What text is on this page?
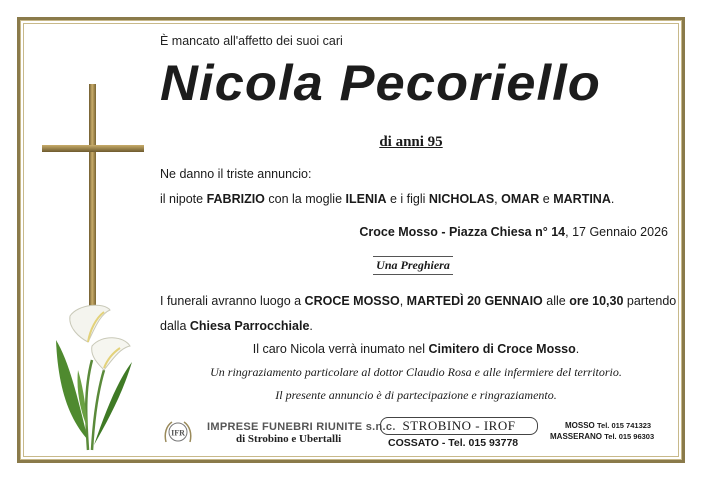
È mancato all'affetto dei suoi cari
Nicola Pecoriello
di anni 95
Ne danno il triste annuncio:
il nipote FABRIZIO con la moglie ILENIA e i figli NICHOLAS, OMAR e MARTINA.
Croce Mosso - Piazza Chiesa n° 14, 17 Gennaio 2026
Una Preghiera
I funerali avranno luogo a CROCE MOSSO, MARTEDÌ 20 GENNAIO alle ore 10,30 partendo
dalla Chiesa Parrocchiale.
Il caro Nicola verrà inumato nel Cimitero di Croce Mosso.
Un ringraziamento particolare al dottor Claudio Rosa e alle infermiere del territorio.
Il presente annuncio è di partecipazione e ringraziamento.
IFR IMPRESE FUNEBRI RIUNITE s.n.c.
di Strobino e Ubertalli
STROBINO - IROF
COSSATO - Tel. 015 93778
MOSSO Tel. 015 741323
MASSERANO Tel. 015 96303
